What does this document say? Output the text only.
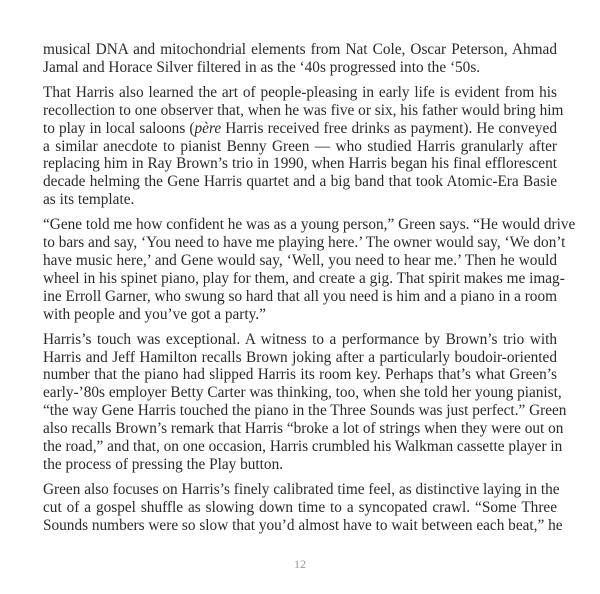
musical DNA and mitochondrial elements from Nat Cole, Oscar Peterson, Ahmad
Jamal and Horace Silver filtered in as the ‘40s progressed into the ‘50s.

That Harris also learned the art of people-pleasing in early life is evident from his
recollection to one observer that, when he was five or six, his father would bring him
to play in local saloons (père Harris received free drinks as payment). He conveyed
a similar anecdote to pianist Benny Green — who studied Harris granularly after
replacing him in Ray Brown’s trio in 1990, when Harris began his final efflorescent
decade helming the Gene Harris quartet and a big band that took Atomic-Era Basie
as its template.

“Gene told me how confident he was as a young person,” Green says. “He would drive
to bars and say, ‘You need to have me playing here.’ The owner would say, ‘We don’t
have music here,’ and Gene would say, ‘Well, you need to hear me.’ Then he would
wheel in his spinet piano, play for them, and create a gig. That spirit makes me imag-
ine Erroll Garner, who swung so hard that all you need is him and a piano in a room
with people and you’ve got a party.”

Harris’s touch was exceptional. A witness to a performance by Brown’s trio with
Harris and Jeff Hamilton recalls Brown joking after a particularly boudoir-oriented
number that the piano had slipped Harris its room key. Perhaps that’s what Green’s
early-’80s employer Betty Carter was thinking, too, when she told her young pianist,
“the way Gene Harris touched the piano in the Three Sounds was just perfect.” Green
also recalls Brown’s remark that Harris “broke a lot of strings when they were out on
the road,” and that, on one occasion, Harris crumbled his Walkman cassette player in
the process of pressing the Play button.

Green also focuses on Harris’s finely calibrated time feel, as distinctive laying in the
cut of a gospel shuffle as slowing down time to a syncopated crawl. “Some Three
Sounds numbers were so slow that you’d almost have to wait between each beat,” he

12
